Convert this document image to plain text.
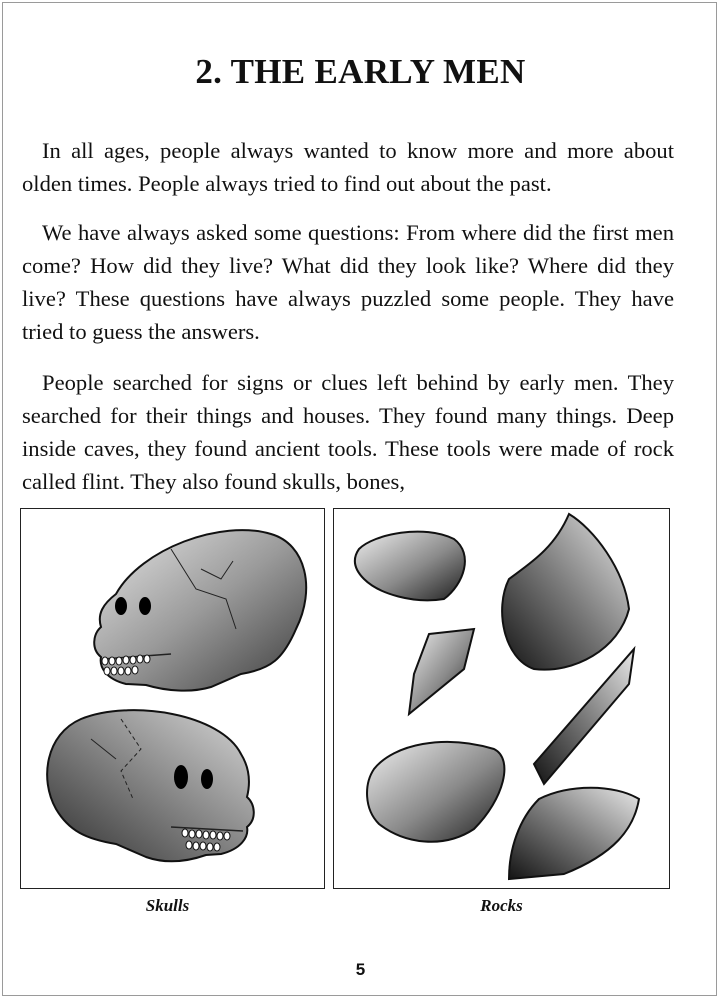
2. THE EARLY MEN

In all ages, people always wanted to know more and more about olden times. People always tried to find out about the past.

We have always asked some questions: From where did the first men come? How did they live? What did they look like? Where did they live? These questions have always puzzled some people. They have tried to guess the answers.

People searched for signs or clues left behind by early men. They searched for their things and houses. They found many things. Deep inside caves, they found ancient tools. These tools were made of rock called flint. They also found skulls, bones,

Skulls	Rocks
5
